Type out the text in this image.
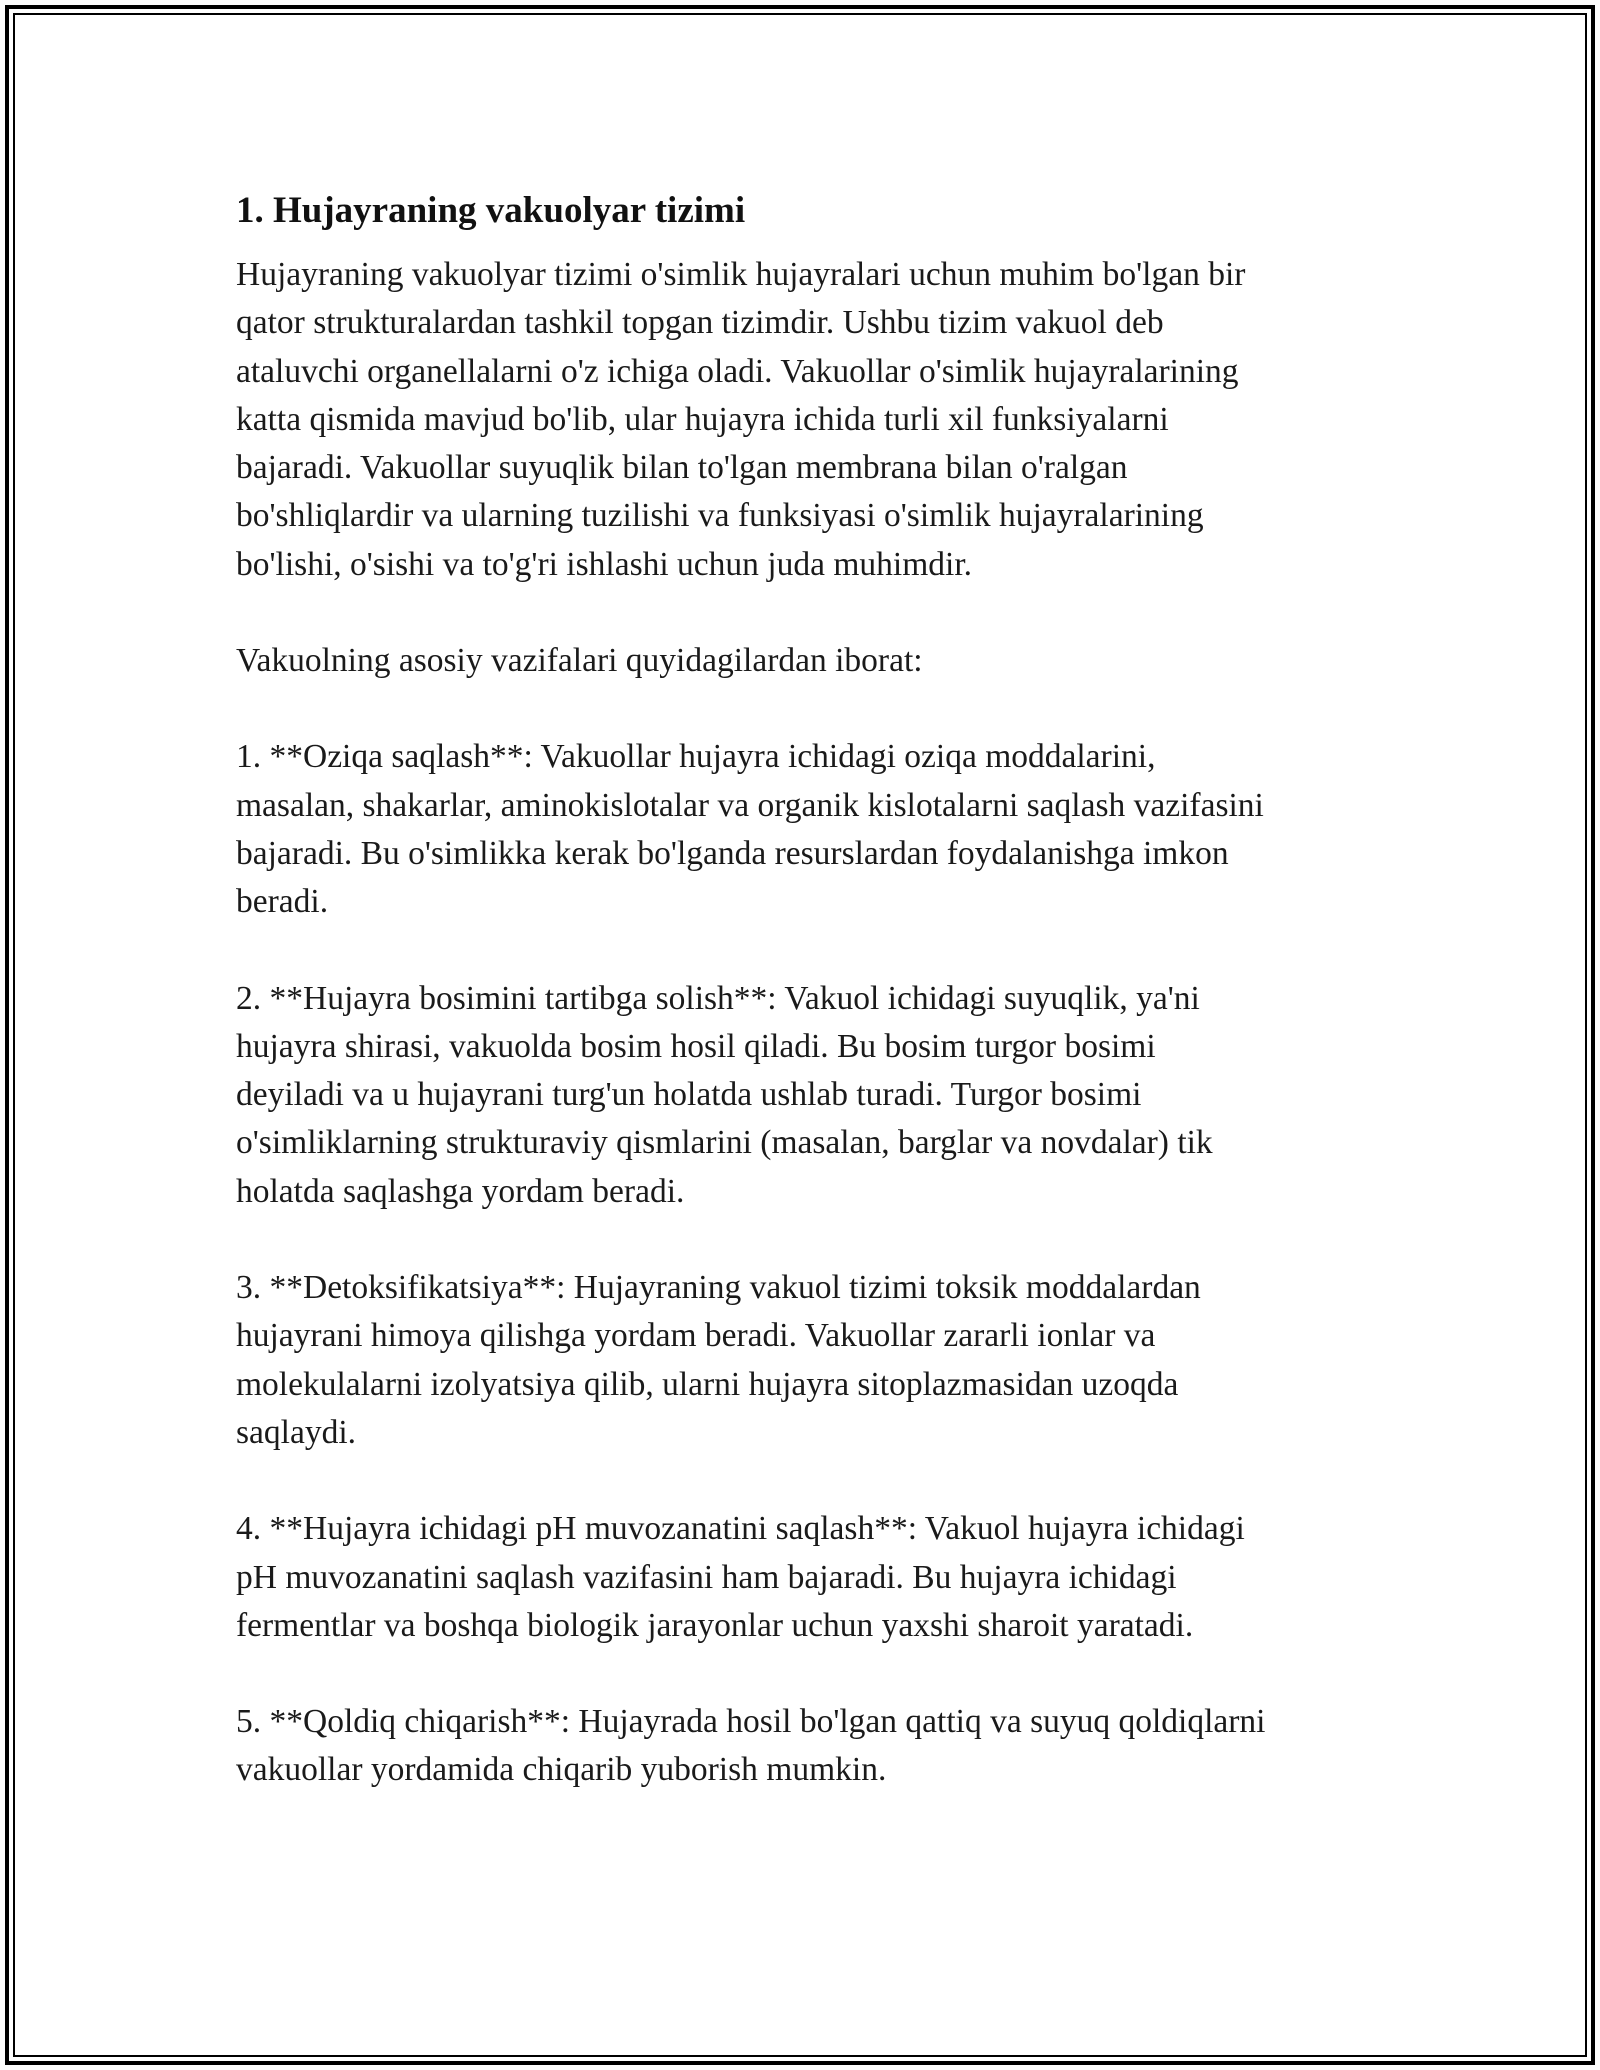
1. Hujayraning vakuolyar tizimi

Hujayraning vakuolyar tizimi o'simlik hujayralari uchun muhim bo'lgan bir
qator strukturalardan tashkil topgan tizimdir. Ushbu tizim vakuol deb
ataluvchi organellalarni o'z ichiga oladi. Vakuollar o'simlik hujayralarining
katta qismida mavjud bo'lib, ular hujayra ichida turli xil funksiyalarni
bajaradi. Vakuollar suyuqlik bilan to'lgan membrana bilan o'ralgan
bo'shliqlardir va ularning tuzilishi va funksiyasi o'simlik hujayralarining
bo'lishi, o'sishi va to'g'ri ishlashi uchun juda muhimdir.

Vakuolning asosiy vazifalari quyidagilardan iborat:

1. **Oziqa saqlash**: Vakuollar hujayra ichidagi oziqa moddalarini,
masalan, shakarlar, aminokislotalar va organik kislotalarni saqlash vazifasini
bajaradi. Bu o'simlikka kerak bo'lganda resurslardan foydalanishga imkon
beradi.

2. **Hujayra bosimini tartibga solish**: Vakuol ichidagi suyuqlik, ya'ni
hujayra shirasi, vakuolda bosim hosil qiladi. Bu bosim turgor bosimi
deyiladi va u hujayrani turg'un holatda ushlab turadi. Turgor bosimi
o'simliklarning strukturaviy qismlarini (masalan, barglar va novdalar) tik
holatda saqlashga yordam beradi.

3. **Detoksifikatsiya**: Hujayraning vakuol tizimi toksik moddalardan
hujayrani himoya qilishga yordam beradi. Vakuollar zararli ionlar va
molekulalarni izolyatsiya qilib, ularni hujayra sitoplazmasidan uzoqda
saqlaydi.

4. **Hujayra ichidagi pH muvozanatini saqlash**: Vakuol hujayra ichidagi
pH muvozanatini saqlash vazifasini ham bajaradi. Bu hujayra ichidagi
fermentlar va boshqa biologik jarayonlar uchun yaxshi sharoit yaratadi.

5. **Qoldiq chiqarish**: Hujayrada hosil bo'lgan qattiq va suyuq qoldiqlarni
vakuollar yordamida chiqarib yuborish mumkin.
